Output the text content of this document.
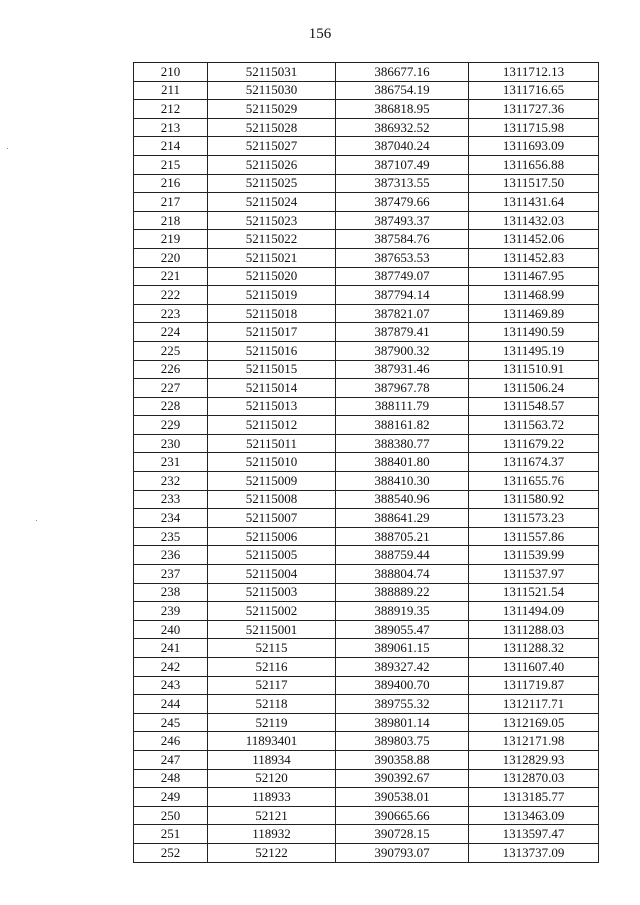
156
210	52115031	386677.16	1311712.13
211	52115030	386754.19	1311716.65
212	52115029	386818.95	1311727.36
213	52115028	386932.52	1311715.98
214	52115027	387040.24	1311693.09
215	52115026	387107.49	1311656.88
216	52115025	387313.55	1311517.50
217	52115024	387479.66	1311431.64
218	52115023	387493.37	1311432.03
219	52115022	387584.76	1311452.06
220	52115021	387653.53	1311452.83
221	52115020	387749.07	1311467.95
222	52115019	387794.14	1311468.99
223	52115018	387821.07	1311469.89
224	52115017	387879.41	1311490.59
225	52115016	387900.32	1311495.19
226	52115015	387931.46	1311510.91
227	52115014	387967.78	1311506.24
228	52115013	388111.79	1311548.57
229	52115012	388161.82	1311563.72
230	52115011	388380.77	1311679.22
231	52115010	388401.80	1311674.37
232	52115009	388410.30	1311655.76
233	52115008	388540.96	1311580.92
234	52115007	388641.29	1311573.23
235	52115006	388705.21	1311557.86
236	52115005	388759.44	1311539.99
237	52115004	388804.74	1311537.97
238	52115003	388889.22	1311521.54
239	52115002	388919.35	1311494.09
240	52115001	389055.47	1311288.03
241	52115	389061.15	1311288.32
242	52116	389327.42	1311607.40
243	52117	389400.70	1311719.87
244	52118	389755.32	1312117.71
245	52119	389801.14	1312169.05
246	11893401	389803.75	1312171.98
247	118934	390358.88	1312829.93
248	52120	390392.67	1312870.03
249	118933	390538.01	1313185.77
250	52121	390665.66	1313463.09
251	118932	390728.15	1313597.47
252	52122	390793.07	1313737.09
